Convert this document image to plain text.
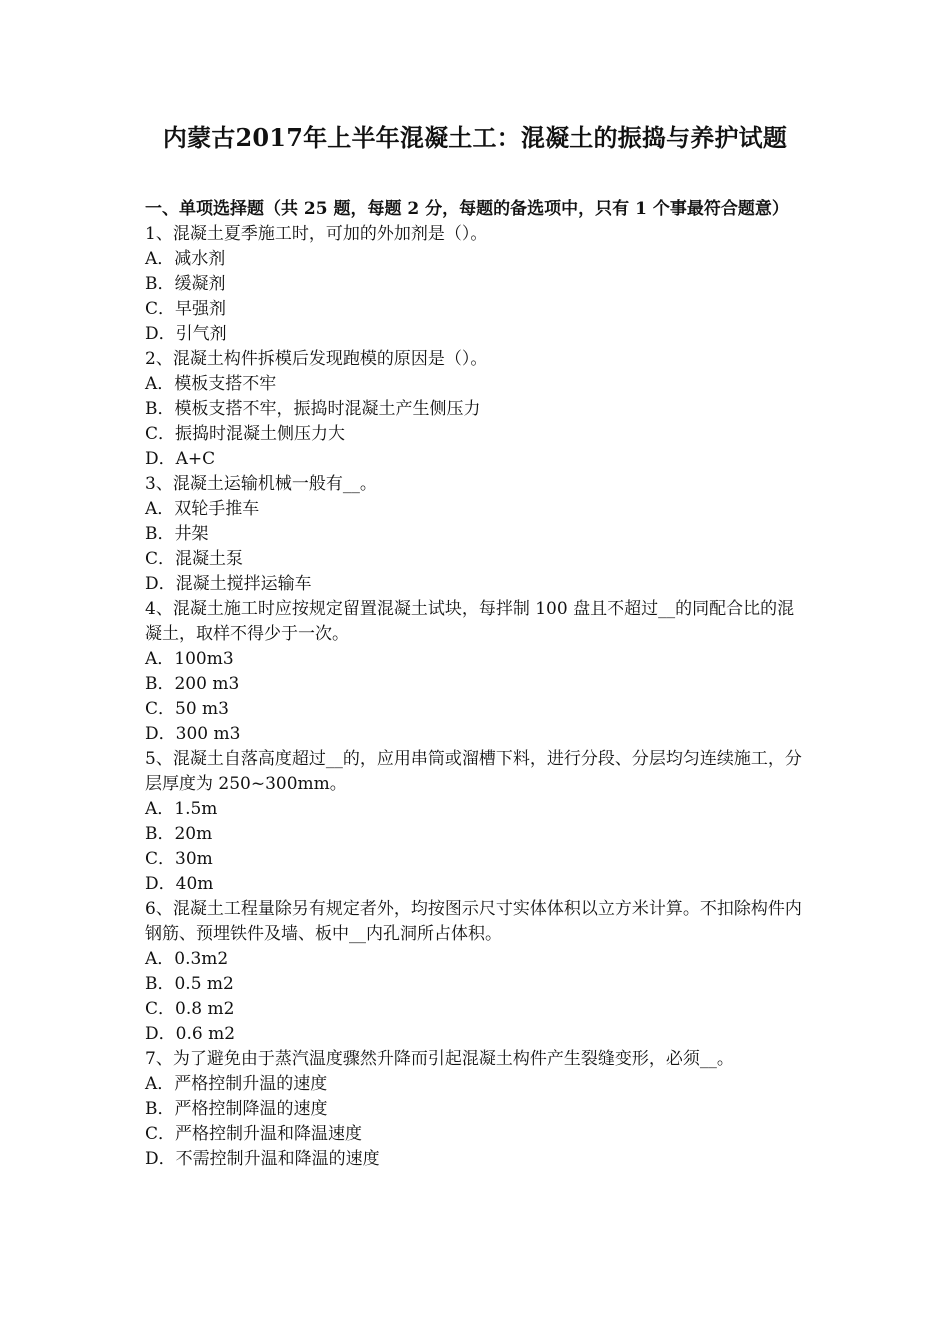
内蒙古2017年上半年混凝土工：混凝土的振捣与养护试题
一、单项选择题（共 25 题，每题 2 分，每题的备选项中，只有 1 个事最符合题意）

1、混凝土夏季施工时，可加的外加剂是（）。

A．减水剂

B．缓凝剂

C．早强剂

D．引气剂

2、混凝土构件拆模后发现跑模的原因是（）。

A．模板支搭不牢

B．模板支搭不牢，振捣时混凝土产生侧压力

C．振捣时混凝土侧压力大

D．A+C

3、混凝土运输机械一般有__。

A．双轮手推车

B．井架

C．混凝土泵

D．混凝土搅拌运输车

4、混凝土施工时应按规定留置混凝土试块，每拌制 100 盘且不超过__的同配合比的混凝土，取样不得少于一次。

A．100m3

B．200 m3

C．50 m3

D．300 m3

5、混凝土自落高度超过__的，应用串筒或溜槽下料，进行分段、分层均匀连续施工，分层厚度为 250~300mm。

A．1.5m

B．20m

C．30m

D．40m

6、混凝土工程量除另有规定者外，均按图示尺寸实体体积以立方米计算。不扣除构件内钢筋、预埋铁件及墙、板中__内孔洞所占体积。

A．0.3m2

B．0.5 m2

C．0.8 m2

D．0.6 m2

7、为了避免由于蒸汽温度骤然升降而引起混凝土构件产生裂缝变形，必须__。

A．严格控制升温的速度

B．严格控制降温的速度

C．严格控制升温和降温速度

D．不需控制升温和降温的速度
